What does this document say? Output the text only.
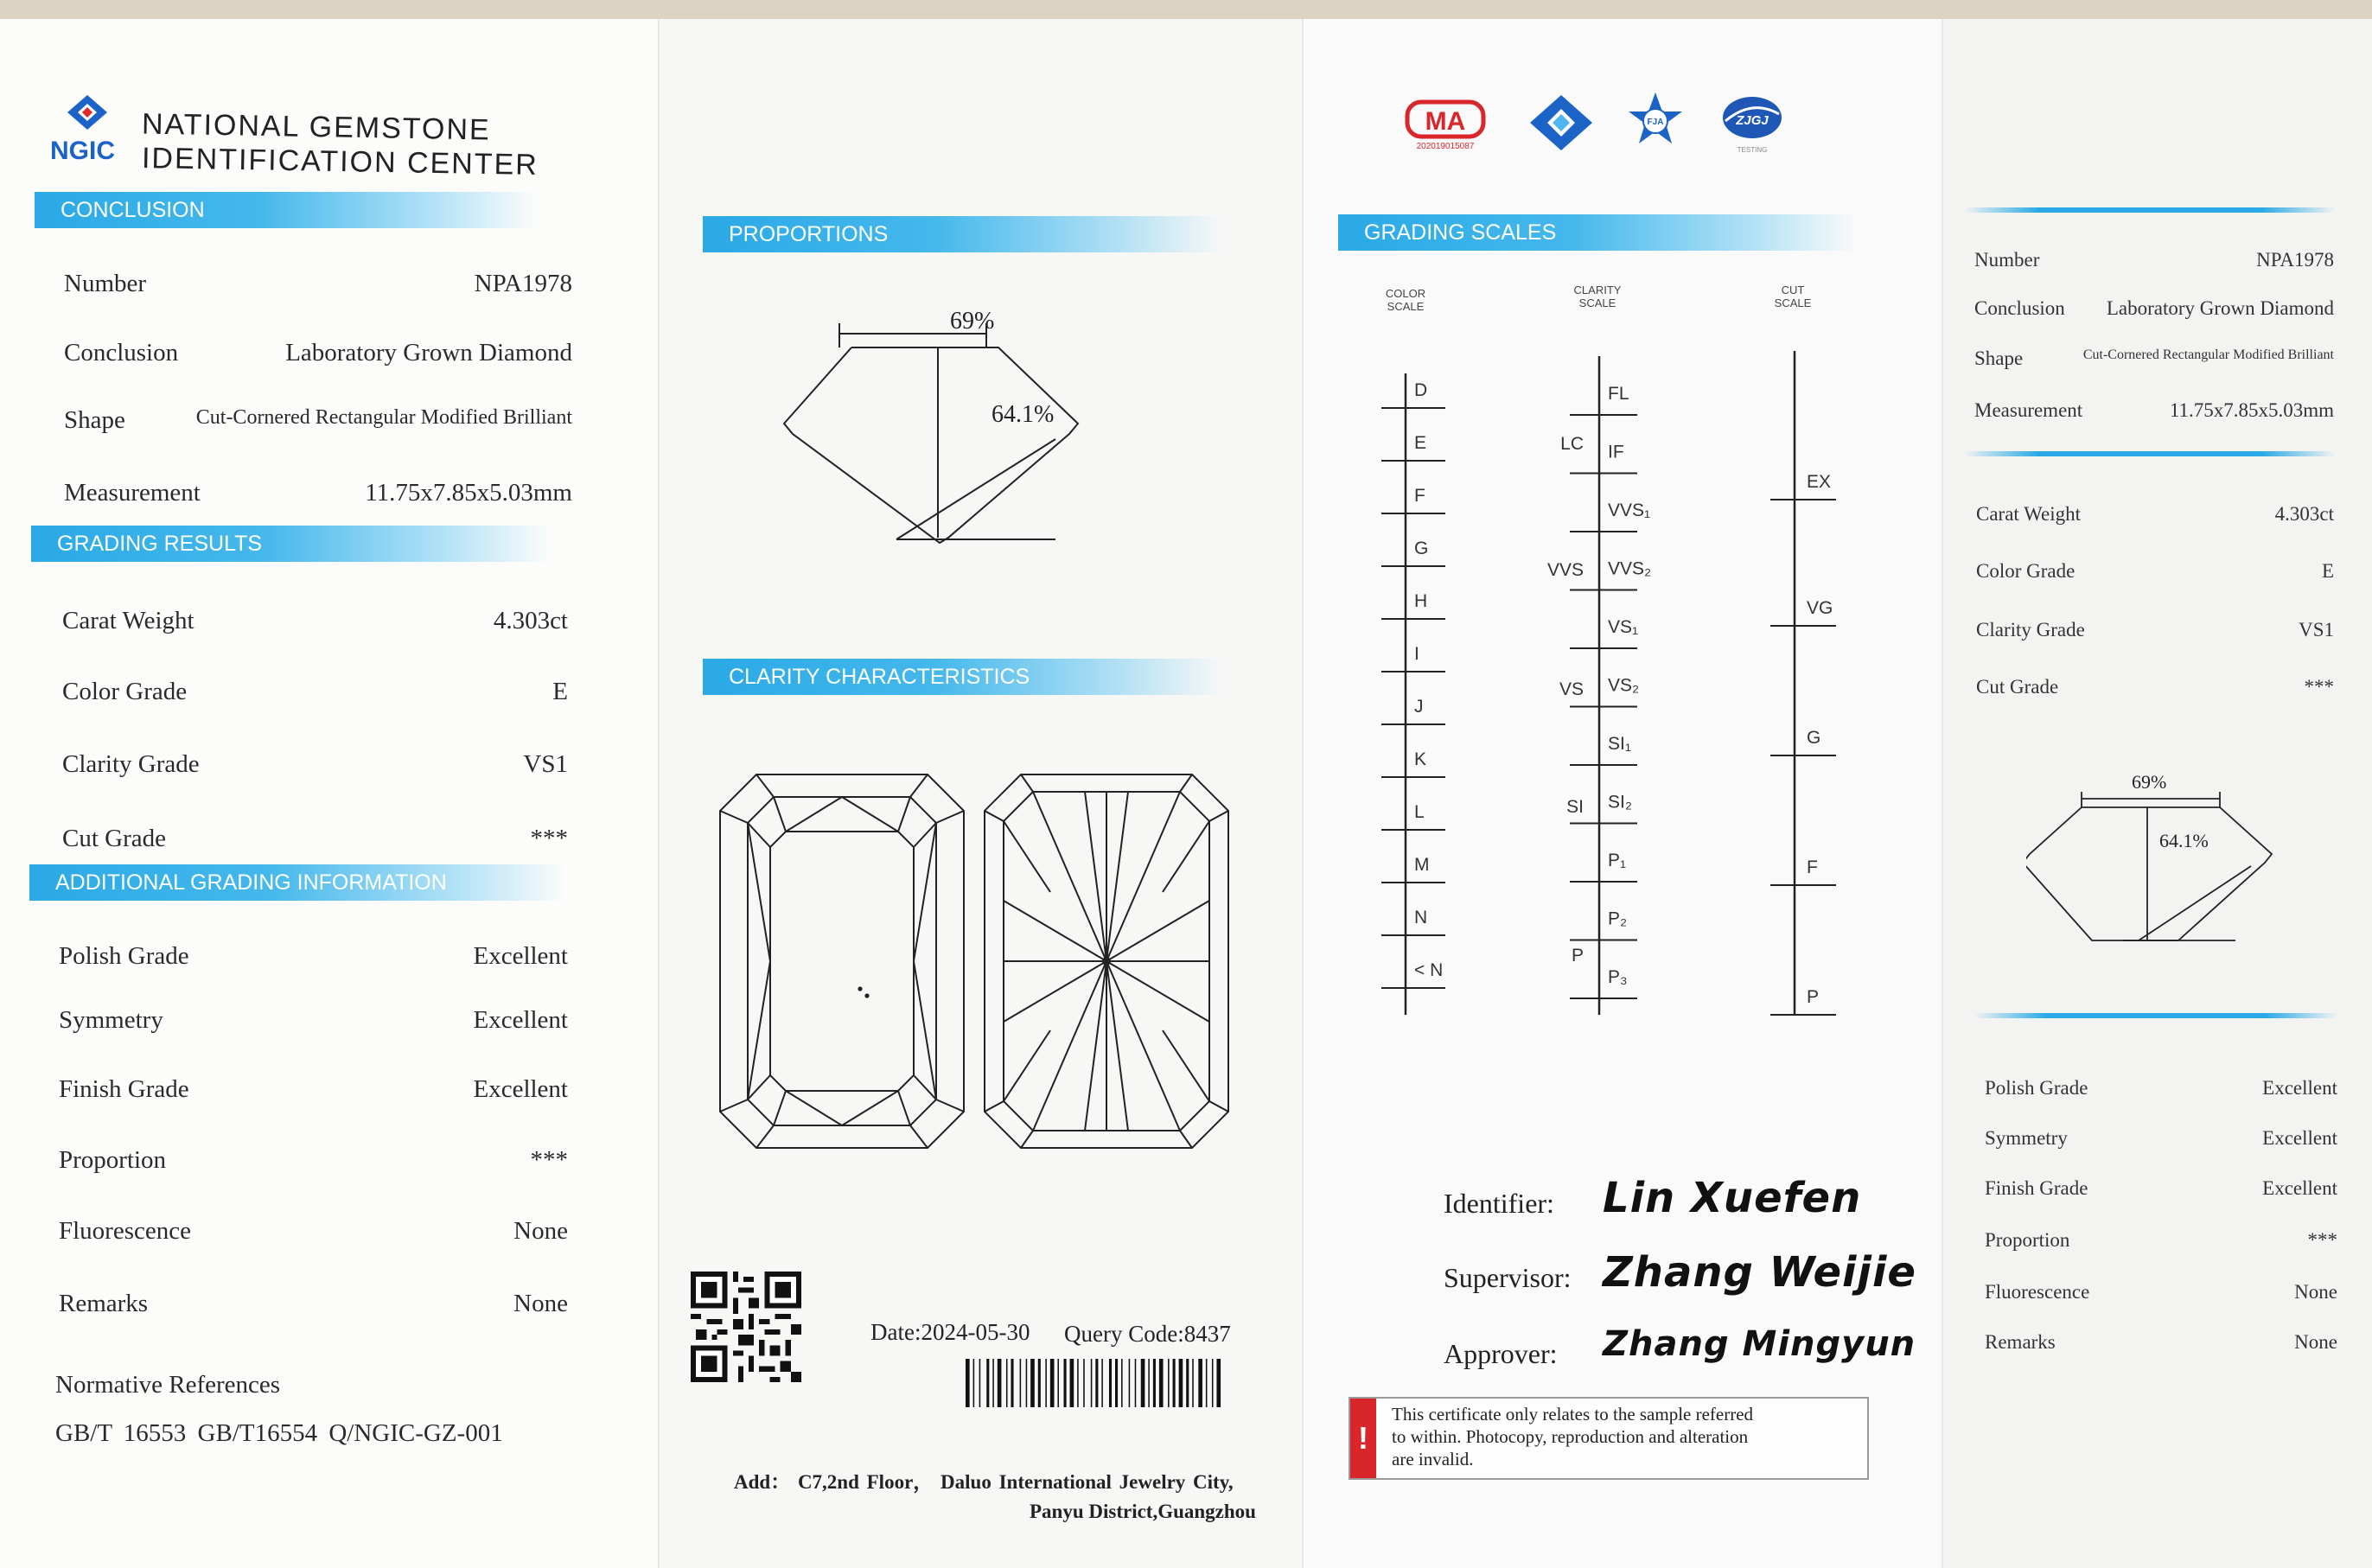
NGIC
NATIONAL GEMSTONE
IDENTIFICATION CENTER
CONCLUSION
Number	NPA1978
Conclusion	Laboratory Grown Diamond
Shape	Cut-Cornered Rectangular Modified Brilliant
Measurement	11.75x7.85x5.03mm
GRADING RESULTS
Carat Weight	4.303ct
Color Grade	E
Clarity Grade	VS1
Cut Grade	***
ADDITIONAL GRADING INFORMATION
Polish Grade	Excellent
Symmetry	Excellent
Finish Grade	Excellent
Proportion	***
Fluorescence	None
Remarks	None
Normative References
GB/T 16553 GB/T16554 Q/NGIC-GZ-001
PROPORTIONS
69%
64.1%
CLARITY CHARACTERISTICS
Date:2024-05-30 Query Code:8437
Add： C7,2nd Floor， Daluo International Jewelry City,
Panyu District,Guangzhou
MA
202019015087
FJA	ZJGJ
TESTING
GRADING SCALES
COLOR SCALE
CLARITY SCALE
CUT SCALE
D
E
F
G
H
I
J
K
L
M
N
< N
FL
IF
VVS₁
VVS₂
VS₁
VS₂
SI₁
SI₂
P₁
P₂
P₃
LC
VVS
VS
SI
P
EX
VG
G
F
P
Identifier: Lin Xuefen
Supervisor: Zhang Weijie
Approver: Zhang Mingyun
!
This certificate only relates to the sample referred
to within. Photocopy, reproduction and alteration
are invalid.
Number	NPA1978
Conclusion Laboratory Grown Diamond
Shape	Cut-Cornered Rectangular Modified Brilliant
Measurement	11.75x7.85x5.03mm
Carat Weight	4.303ct
Color Grade	E
Clarity Grade	VS1
Cut Grade	***
69%
64.1%
Polish Grade	Excellent
Symmetry	Excellent
Finish Grade	Excellent
Proportion	***
Fluorescence	None
Remarks	None
